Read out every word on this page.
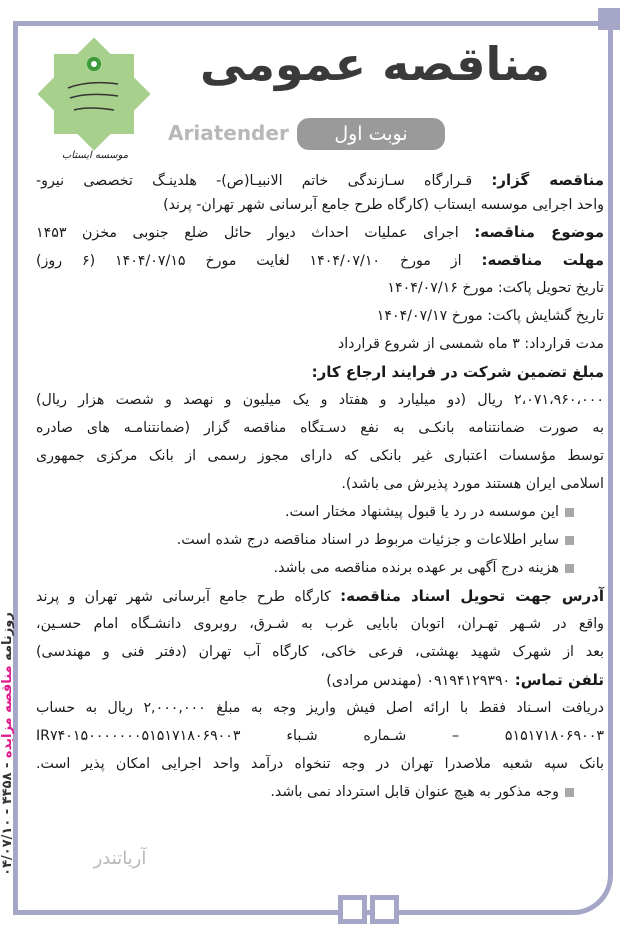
Ariatender
آریاتندر
مناقصه عمومی
نوبت اول
موسسه ایستاب
روزنامه مناقصه مزایده - ۴۴۵۸ - ۰۴/۰۷/۱۰
مناقصه گزار: قـرارگاه سـازندگی خاتم الانبیـا(ص)- هلدینـگ تخصصی نیرو-
واحد اجرایی موسسه ایستاب (کارگاه طرح جامع آبرسانی شهر تهران- پرند)
موضوع مناقصه: اجرای عملیات احداث دیوار حائل ضلع جنوبی مخزن ۱۴۵۳
مهلت مناقصه: از مورخ ۱۴۰۴/۰۷/۱۰ لغایت مورخ ۱۴۰۴/۰۷/۱۵ (۶ روز)
تاریخ تحویل پاکت: مورخ ۱۴۰۴/۰۷/۱۶
تاریخ گشایش پاکت: مورخ ۱۴۰۴/۰۷/۱۷
مدت قرارداد: ۳ ماه شمسی از شروع قرارداد
مبلغ تضمین شرکت در فرایند ارجاع کار:
۲،۰۷۱،۹۶۰،۰۰۰ ریال (دو میلیارد و هفتاد و یک میلیون و نهصد و شصت هزار ریال)
به صورت ضمانتنامه بانکـی به نفع دسـتگاه مناقصه گزار (ضمانتنامـه های صادره
توسط مؤسسات اعتباری غیر بانکی که دارای مجوز رسمی از بانک مرکزی جمهوری
اسلامی ایران هستند مورد پذیرش می باشد).
این موسسه در رد یا قبول پیشنهاد مختار است.
سایر اطلاعات و جزئیات مربوط در اسناد مناقصه درج شده است.
هزینه درج آگهی بر عهده برنده مناقصه می باشد.
آدرس جهت تحویل اسناد مناقصه: کارگاه طرح جامع آبرسانی شهر تهران و پرند
واقع در شـهر تهـران، اتوبان بابایی غرب به شـرق، روبروی دانشـگاه امام حسـین،
بعد از شهرک شهید بهشتی، فرعی خاکی، کارگاه آب تهران (دفتر فنی و مهندسی)
تلفن تماس: ۰۹۱۹۴۱۲۹۳۹۰ (مهندس مرادی)
دریافت اسـناد فقط با ارائه اصل فیش واریز وجه به مبلغ ۲,۰۰۰,۰۰۰ ریال به حساب
۵۱۵۱۷۱۸۰۶۹۰۰۳ – شـماره شـباء IR۷۴۰۱۵۰۰۰۰۰۰۰۵۱۵۱۷۱۸۰۶۹۰۰۳
بانک سپه شعبه ملاصدرا تهران در وجه تنخواه درآمد واحد اجرایی امکان پذیر است.
وجه مذکور به هیچ عنوان قابل استرداد نمی باشد.
